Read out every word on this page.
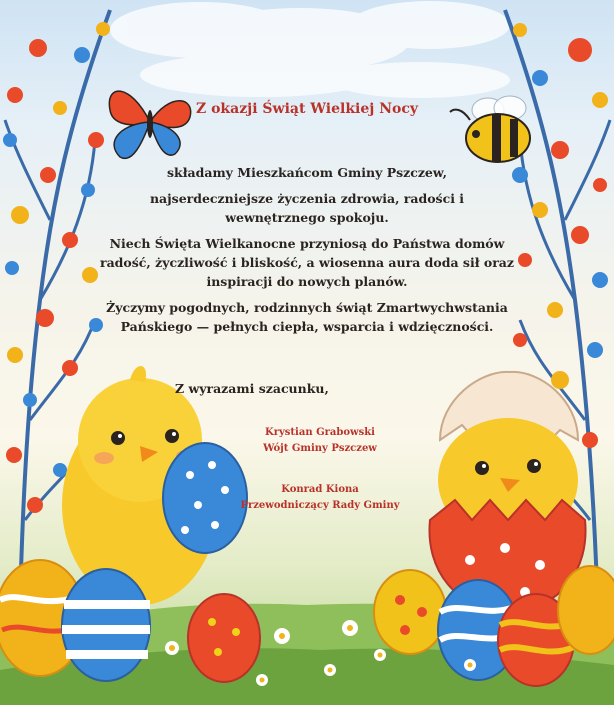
Z okazji Świąt Wielkiej Nocy

składamy Mieszkańcom Gminy Pszczew,

najserdeczniejsze życzenia zdrowia, radości i wewnętrznego spokoju.

Niech Święta Wielkanocne przyniosą do Państwa domów radość, życzliwość i bliskość, a wiosenna aura doda sił oraz inspiracji do nowych planów.

Życzymy pogodnych, rodzinnych świąt Zmartwychwstania Pańskiego — pełnych ciepła, wsparcia i wdzięczności.

Z wyrazami szacunku,
Krystian Grabowski
Wójt Gminy Pszczew
Konrad Kiona
Przewodniczący Rady Gminy
